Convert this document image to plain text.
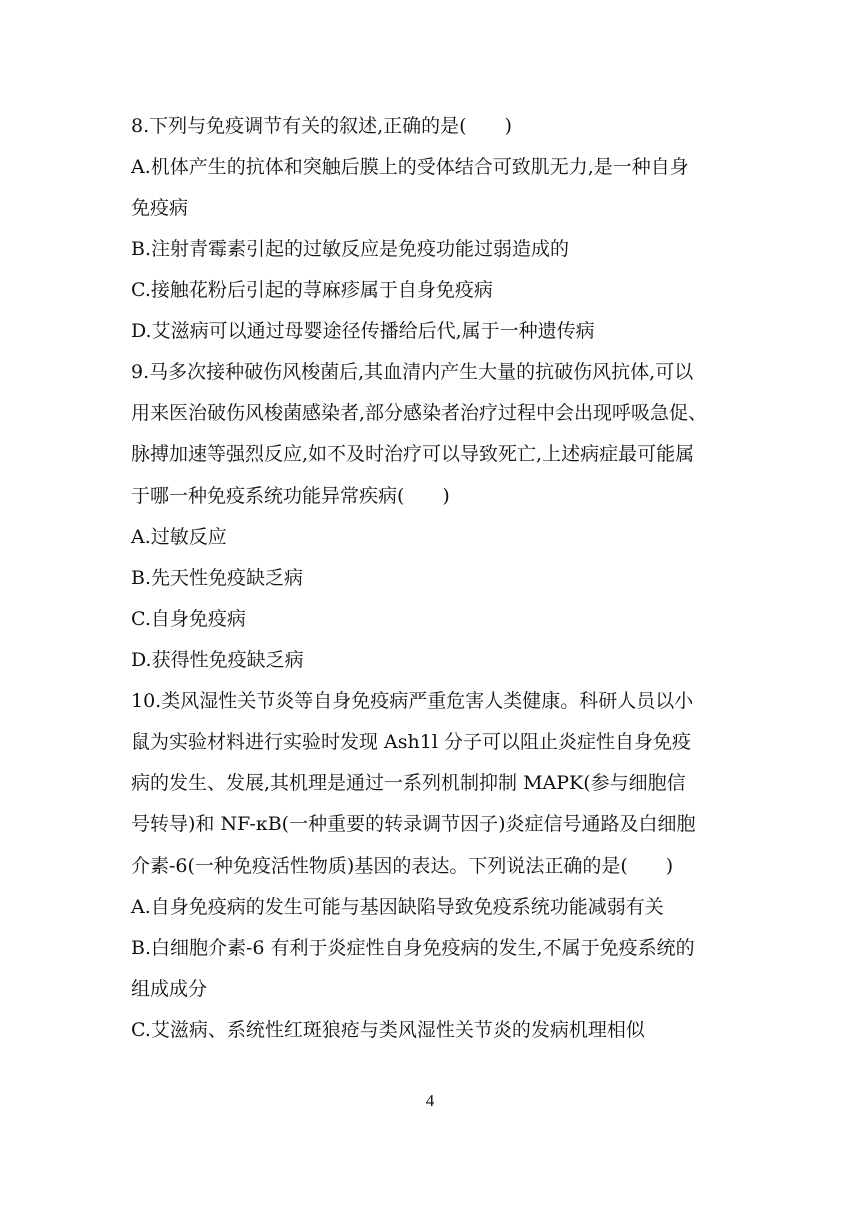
8.下列与免疫调节有关的叙述,正确的是(　　)
A.机体产生的抗体和突触后膜上的受体结合可致肌无力,是一种自身
免疫病
B.注射青霉素引起的过敏反应是免疫功能过弱造成的
C.接触花粉后引起的荨麻疹属于自身免疫病
D.艾滋病可以通过母婴途径传播给后代,属于一种遗传病
9.马多次接种破伤风梭菌后,其血清内产生大量的抗破伤风抗体,可以
用来医治破伤风梭菌感染者,部分感染者治疗过程中会出现呼吸急促、
脉搏加速等强烈反应,如不及时治疗可以导致死亡,上述病症最可能属
于哪一种免疫系统功能异常疾病(　　)
A.过敏反应
B.先天性免疫缺乏病
C.自身免疫病
D.获得性免疫缺乏病
10.类风湿性关节炎等自身免疫病严重危害人类健康。科研人员以小
鼠为实验材料进行实验时发现 Ash1l 分子可以阻止炎症性自身免疫
病的发生、发展,其机理是通过一系列机制抑制 MAPK(参与细胞信
号转导)和 NF-κB(一种重要的转录调节因子)炎症信号通路及白细胞
介素-6(一种免疫活性物质)基因的表达。下列说法正确的是(　　)
A.自身免疫病的发生可能与基因缺陷导致免疫系统功能减弱有关
B.白细胞介素-6 有利于炎症性自身免疫病的发生,不属于免疫系统的
组成成分
C.艾滋病、系统性红斑狼疮与类风湿性关节炎的发病机理相似
4
